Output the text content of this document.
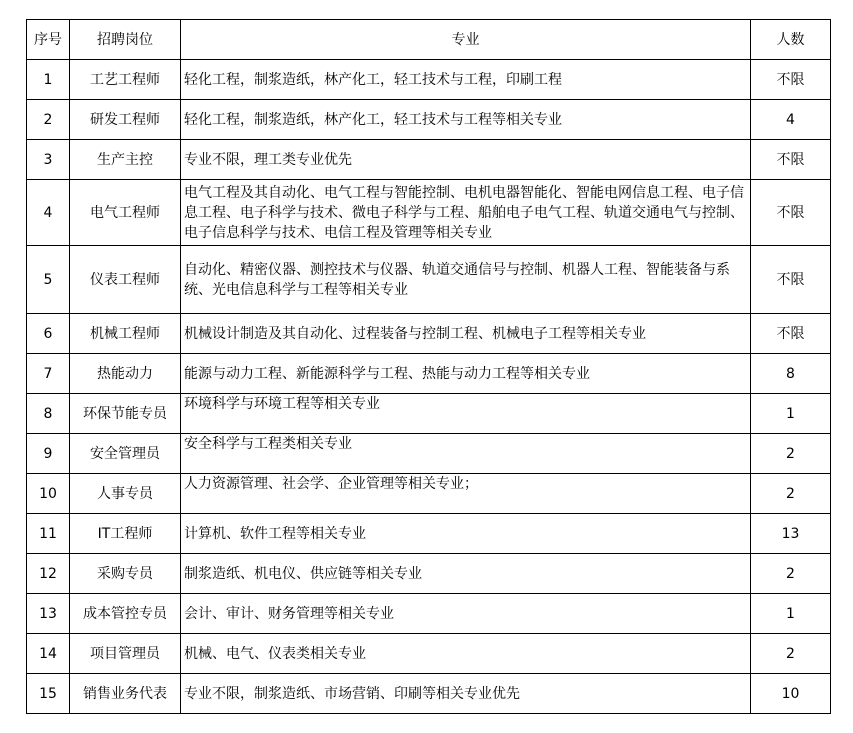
序号	招聘岗位	专业	人数
1	工艺工程师	轻化工程，制浆造纸，林产化工，轻工技术与工程，印刷工程	不限
2	研发工程师	轻化工程，制浆造纸，林产化工，轻工技术与工程等相关专业	4
3	生产主控	专业不限，理工类专业优先	不限
4	电气工程师	电气工程及其自动化、电气工程与智能控制、电机电器智能化、智能电网信息工程、电子信息工程、电子科学与技术、微电子科学与工程、船舶电子电气工程、轨道交通电气与控制、电子信息科学与技术、电信工程及管理等相关专业	不限
5	仪表工程师	自动化、精密仪器、测控技术与仪器、轨道交通信号与控制、机器人工程、智能装备与系统、光电信息科学与工程等相关专业	不限
6	机械工程师	机械设计制造及其自动化、过程装备与控制工程、机械电子工程等相关专业	不限
7	热能动力	能源与动力工程、新能源科学与工程、热能与动力工程等相关专业	8
8	环保节能专员	环境科学与环境工程等相关专业	1
9	安全管理员	安全科学与工程类相关专业	2
10	人事专员	人力资源管理、社会学、企业管理等相关专业；	2
11	IT工程师	计算机、软件工程等相关专业	13
12	采购专员	制浆造纸、机电仪、供应链等相关专业	2
13	成本管控专员	会计、审计、财务管理等相关专业	1
14	项目管理员	机械、电气、仪表类相关专业	2
15	销售业务代表	专业不限，制浆造纸、市场营销、印刷等相关专业优先	10
